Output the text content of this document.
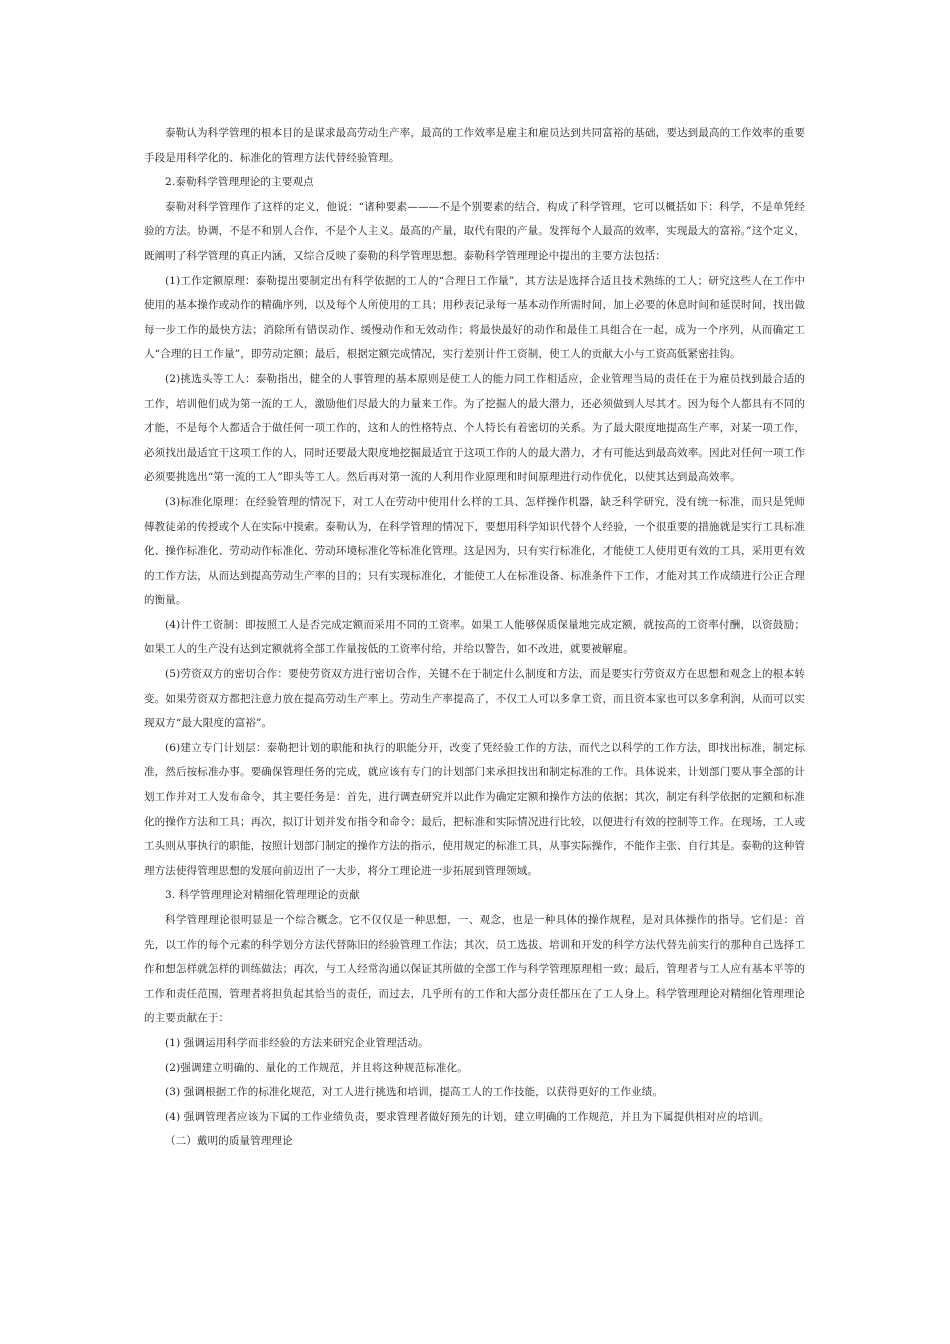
泰勒认为科学管理的根本目的是谋求最高劳动生产率，最高的工作效率是雇主和雇员达到共同富裕的基础，要达到最高的工作效率的重要手段是用科学化的、标准化的管理方法代替经验管理。

2.泰勒科学管理理论的主要观点

泰勒对科学管理作了这样的定义，他说：“诸种要素———不是个别要素的结合，构成了科学管理，它可以概括如下：科学，不是单凭经验的方法。协调，不是不和别人合作，不是个人主义。最高的产量，取代有限的产量。发挥每个人最高的效率，实现最大的富裕。”这个定义，既阐明了科学管理的真正内涵，又综合反映了泰勒的科学管理思想。泰勒科学管理理论中提出的主要方法包括：

(1)工作定额原理：泰勒提出要制定出有科学依据的工人的“合理日工作量”，其方法是选择合适且技术熟练的工人；研究这些人在工作中使用的基本操作或动作的精确序列，以及每个人所使用的工具；用秒表记录每一基本动作所需时间，加上必要的休息时间和延误时间，找出做每一步工作的最快方法；消除所有错误动作、缓慢动作和无效动作；将最快最好的动作和最佳工具组合在一起，成为一个序列，从而确定工人“合理的日工作量”，即劳动定额；最后，根据定额完成情况，实行差别计件工资制，使工人的贡献大小与工资高低紧密挂钩。

(2)挑选头等工人：泰勒指出，健全的人事管理的基本原则是使工人的能力同工作相适应，企业管理当局的责任在于为雇员找到最合适的工作，培训他们成为第一流的工人，激励他们尽最大的力量来工作。为了挖掘人的最大潜力，还必须做到人尽其才。因为每个人都具有不同的才能，不是每个人都适合于做任何一项工作的，这和人的性格特点、个人特长有着密切的关系。为了最大限度地提高生产率，对某一项工作，必须找出最适宜干这项工作的人，同时还要最大限度地挖掘最适宜于这项工作的人的最大潜力，才有可能达到最高效率。因此对任何一项工作必须要挑选出“第一流的工人”即头等工人。然后再对第一流的人利用作业原理和时间原理进行动作优化，以使其达到最高效率。

(3)标准化原理：在经验管理的情况下，对工人在劳动中使用什么样的工具、怎样操作机器，缺乏科学研究，没有统一标准，而只是凭师傅教徒弟的传授或个人在实际中摸索。泰勒认为，在科学管理的情况下，要想用科学知识代替个人经验，一个很重要的措施就是实行工具标准化、操作标准化、劳动动作标准化、劳动环境标准化等标准化管理。这是因为，只有实行标准化，才能使工人使用更有效的工具，采用更有效的工作方法，从而达到提高劳动生产率的目的；只有实现标准化，才能使工人在标准设备、标准条件下工作，才能对其工作成绩进行公正合理的衡量。

(4)计件工资制：即按照工人是否完成定额而采用不同的工资率。如果工人能够保质保量地完成定额，就按高的工资率付酬，以资鼓励；如果工人的生产没有达到定额就将全部工作量按低的工资率付给，并给以警告，如不改进，就要被解雇。

(5)劳资双方的密切合作：要使劳资双方进行密切合作，关键不在于制定什么制度和方法，而是要实行劳资双方在思想和观念上的根本转变。如果劳资双方都把注意力放在提高劳动生产率上。劳动生产率提高了，不仅工人可以多拿工资，而且资本家也可以多拿利润，从而可以实现双方“最大限度的富裕”。

(6)建立专门计划层：泰勒把计划的职能和执行的职能分开，改变了凭经验工作的方法，而代之以科学的工作方法，即找出标准，制定标准，然后按标准办事。要确保管理任务的完成，就应该有专门的计划部门来承担找出和制定标准的工作。具体说来，计划部门要从事全部的计划工作并对工人发布命令，其主要任务是：首先，进行调查研究并以此作为确定定额和操作方法的依据；其次，制定有科学依据的定额和标准化的操作方法和工具；再次，拟订计划并发布指令和命令；最后，把标准和实际情况进行比较，以便进行有效的控制等工作。在现场，工人或工头则从事执行的职能，按照计划部门制定的操作方法的指示，使用规定的标准工具，从事实际操作，不能作主张、自行其是。泰勒的这种管理方法使得管理思想的发展向前迈出了一大步，将分工理论进一步拓展到管理领域。

3. 科学管理理论对精细化管理理论的贡献

科学管理理论很明显是一个综合概念。它不仅仅是一种思想，一、观念，也是一种具体的操作规程，是对具体操作的指导。它们是：首先，以工作的每个元素的科学划分方法代替陈旧的经验管理工作法；其次，员工选拔、培训和开发的科学方法代替先前实行的那种自己选择工作和想怎样就怎样的训练做法；再次，与工人经常沟通以保证其所做的全部工作与科学管理原理相一致；最后，管理者与工人应有基本平等的工作和责任范围，管理者将担负起其恰当的责任，而过去，几乎所有的工作和大部分责任都压在了工人身上。科学管理理论对精细化管理理论的主要贡献在于：

(1) 强调运用科学而非经验的方法来研究企业管理活动。

(2)强调建立明确的、量化的工作规范，并且将这种规范标准化。

(3) 强调根据工作的标准化规范，对工人进行挑选和培训，提高工人的工作技能，以获得更好的工作业绩。

(4) 强调管理者应该为下属的工作业绩负责，要求管理者做好预先的计划，建立明确的工作规范，并且为下属提供相对应的培训。

（二）戴明的质量管理理论
